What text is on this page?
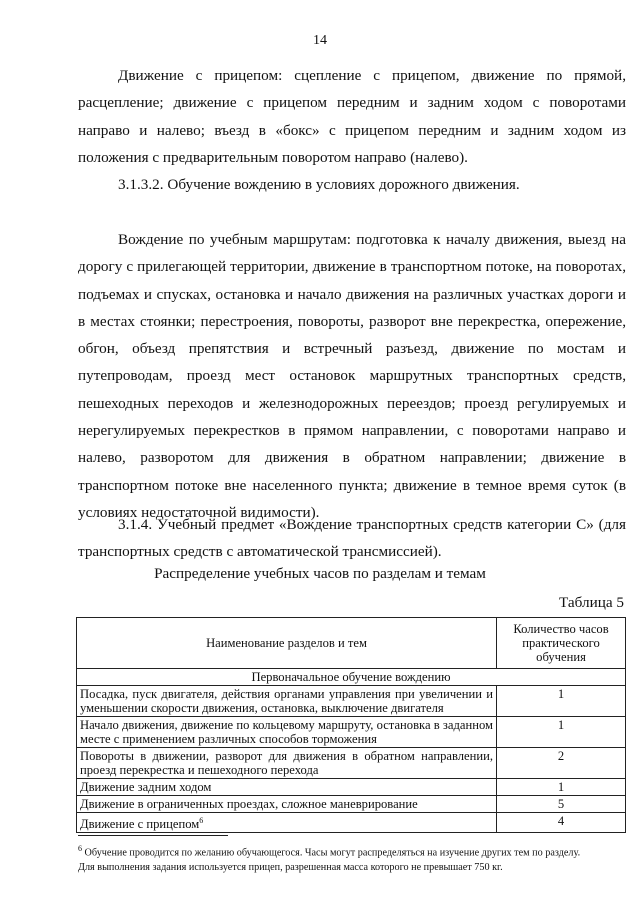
14

Движение с прицепом: сцепление с прицепом, движение по прямой, расцепление; движение с прицепом передним и задним ходом с поворотами направо и налево; въезд в «бокс» с прицепом передним и задним ходом из положения с предварительным поворотом направо (налево).

3.1.3.2. Обучение вождению в условиях дорожного движения.

Вождение по учебным маршрутам: подготовка к началу движения, выезд на дорогу с прилегающей территории, движение в транспортном потоке, на поворотах, подъемах и спусках, остановка и начало движения на различных участках дороги и в местах стоянки; перестроения, повороты, разворот вне перекрестка, опережение, обгон, объезд препятствия и встречный разъезд, движение по мостам и путепроводам, проезд мест остановок маршрутных транспортных средств, пешеходных переходов и железнодорожных переездов; проезд регулируемых и нерегулируемых перекрестков в прямом направлении, с поворотами направо и налево, разворотом для движения в обратном направлении; движение в транспортном потоке вне населенного пункта; движение в темное время суток (в условиях недостаточной видимости).

3.1.4. Учебный предмет «Вождение транспортных средств категории С» (для транспортных средств с автоматической трансмиссией).

Распределение учебных часов по разделам и темам
Таблица 5
Наименование разделов и тем	Количество часов практического обучения
Первоначальное обучение вождению	
Посадка, пуск двигателя, действия органами управления при увеличении и уменьшении скорости движения, остановка, выключение двигателя	1
Начало движения, движение по кольцевому маршруту, остановка в заданном месте с применением различных способов торможения	1
Повороты в движении, разворот для движения в обратном направлении, проезд перекрестка и пешеходного перехода	2
Движение задним ходом	1
Движение в ограниченных проездах, сложное маневрирование	5
Движение с прицепом$^6$	4

$^6$ Обучение проводится по желанию обучающегося. Часы могут распределяться на изучение других тем по разделу.

Для выполнения задания используется прицеп, разрешенная масса которого не превышает 750 кг.
